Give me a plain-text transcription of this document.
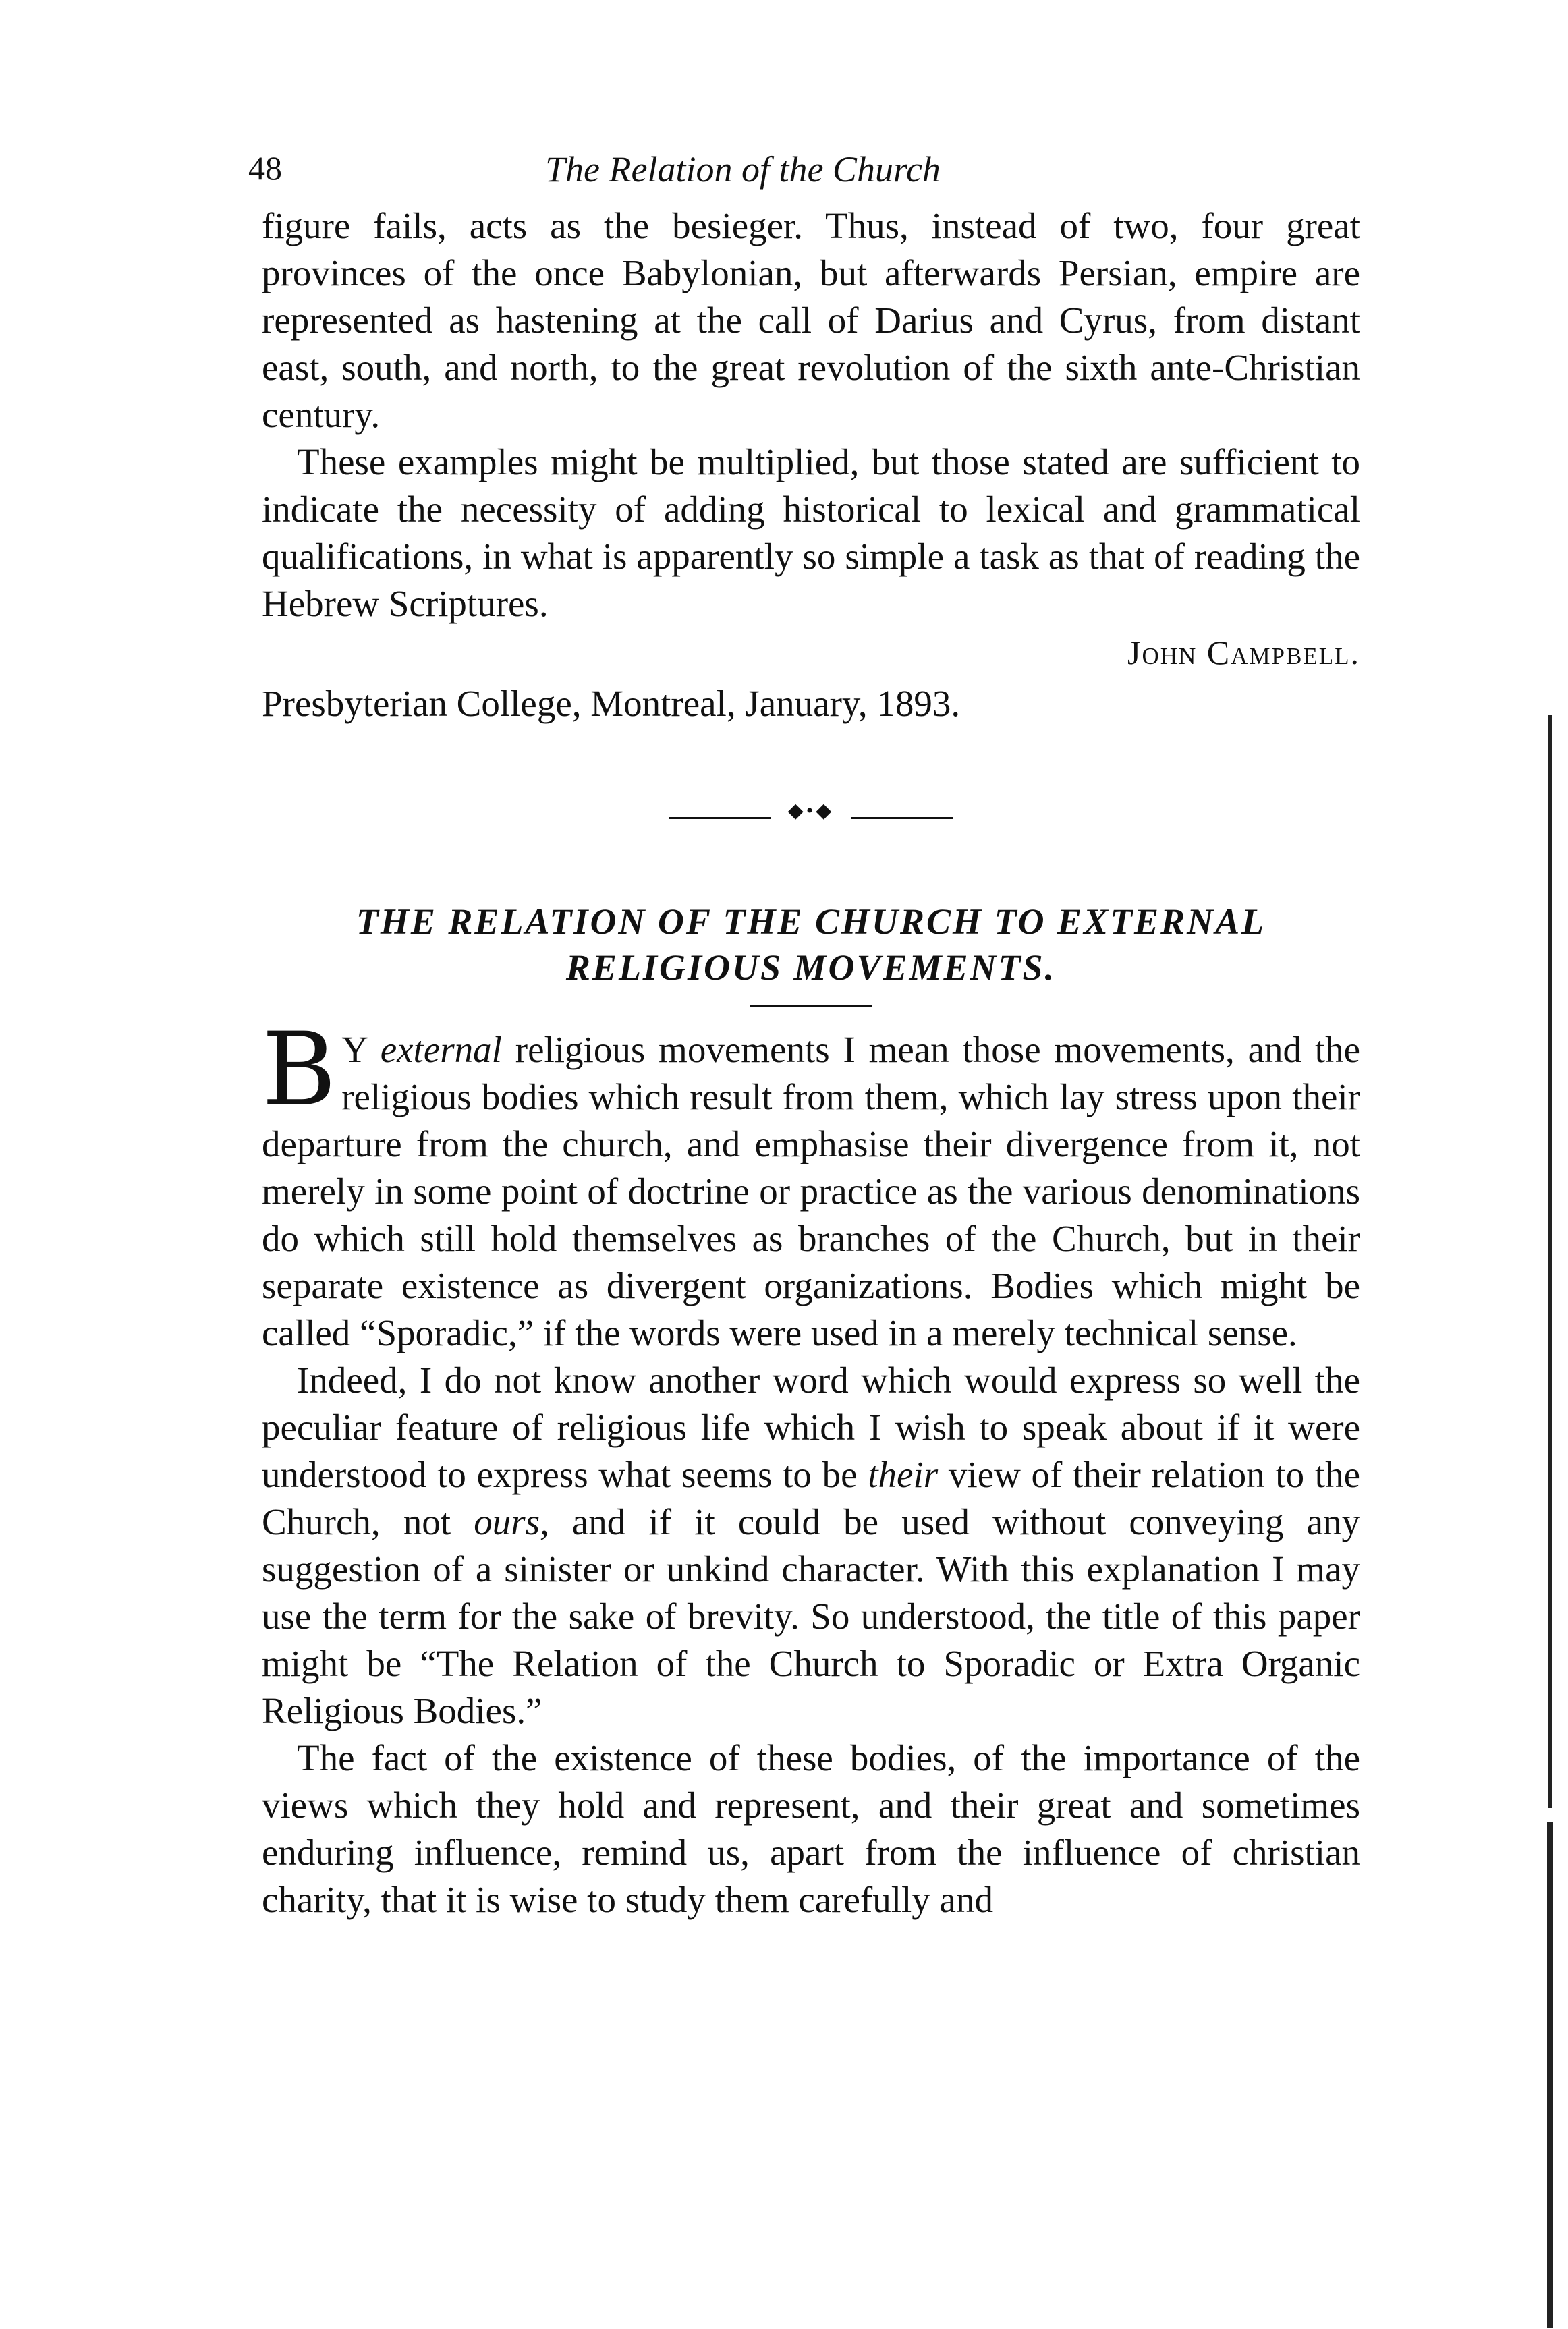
48	The Relation of the Church

figure fails, acts as the besieger. Thus, instead of two, four great provinces of the once Babylonian, but afterwards Persian, empire are represented as hastening at the call of Darius and Cyrus, from distant east, south, and north, to the great revolution of the sixth ante-Christian century.

These examples might be multiplied, but those stated are sufficient to indicate the necessity of adding historical to lexical and grammatical qualifications, in what is apparently so simple a task as that of reading the Hebrew Scriptures.

John Campbell.
Presbyterian College, Montreal, January, 1893.
◆•◆
THE RELATION OF THE CHURCH TO EXTERNAL
RELIGIOUS MOVEMENTS.

B Y external religious movements I mean those movements, and the religious bodies which result from them, which lay stress upon their departure from the church, and emphasise their divergence from it, not merely in some point of doctrine or practice as the various denominations do which still hold themselves as branches of the Church, but in their separate existence as divergent organizations. Bodies which might be called “Sporadic,” if the words were used in a merely technical sense.

Indeed, I do not know another word which would express so well the peculiar feature of religious life which I wish to speak about if it were understood to express what seems to be their view of their relation to the Church, not ours, and if it could be used without conveying any suggestion of a sinister or unkind character. With this explanation I may use the term for the sake of brevity. So understood, the title of this paper might be “The Relation of the Church to Sporadic or Extra Organic Religious Bodies.”

The fact of the existence of these bodies, of the importance of the views which they hold and represent, and their great and sometimes enduring influence, remind us, apart from the influence of christian charity, that it is wise to study them carefully and
